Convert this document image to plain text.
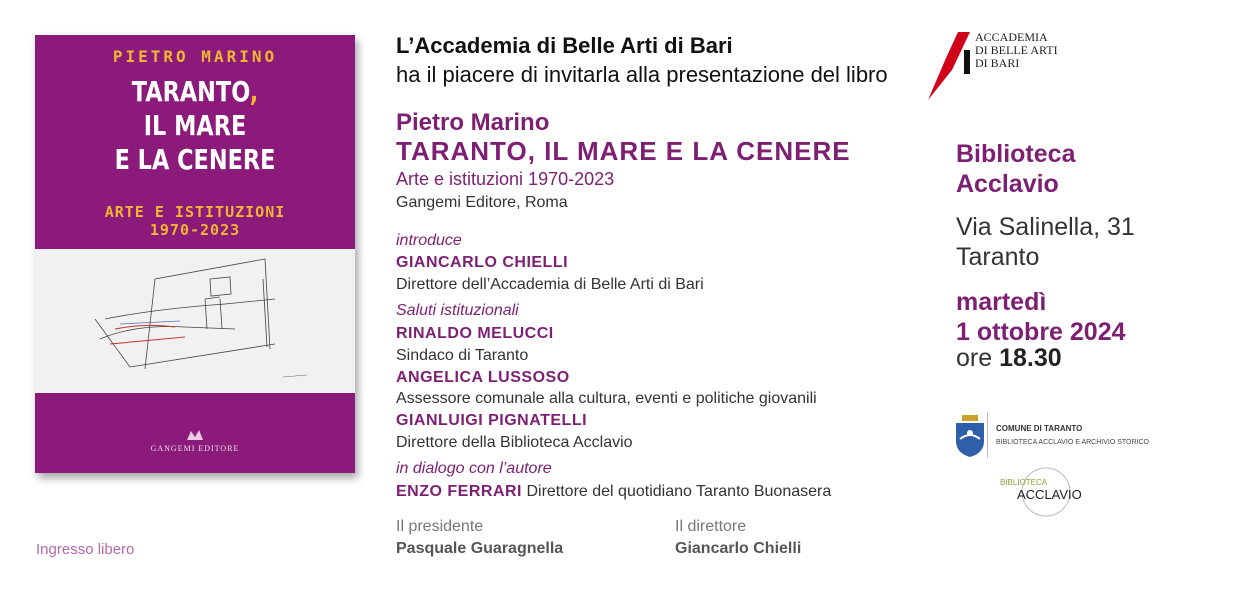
PIETRO MARINO
TARANTO,
IL MARE
E LA CENERE
ARTE E ISTITUZIONI
1970-2023
GANGEMI EDITORE
Ingresso libero
L’Accademia di Belle Arti di Bari
ha il piacere di invitarla alla presentazione del libro
Pietro Marino
TARANTO, IL MARE E LA CENERE
Arte e istituzioni 1970-2023
Gangemi Editore, Roma
introduce
GIANCARLO CHIELLI
Direttore dell’Accademia di Belle Arti di Bari
Saluti istituzionali
RINALDO MELUCCI
Sindaco di Taranto
ANGELICA LUSSOSO
Assessore comunale alla cultura, eventi e politiche giovanili
GIANLUIGI PIGNATELLI
Direttore della Biblioteca Acclavio
in dialogo con l’autore
ENZO FERRARI Direttore del quotidiano Taranto Buonasera
Il presidente
Pasquale Guaragnella
Il direttore
Giancarlo Chielli
ACCADEMIA
DI BELLE ARTI
DI BARI
Biblioteca
Acclavio
Via Salinella, 31
Taranto
martedì
1 ottobre 2024
ore 18.30
COMUNE DI TARANTO
BIBLIOTECA ACCLAVIO E ARCHIVIO STORICO
BIBLIOTECA
ACCLAVIO
